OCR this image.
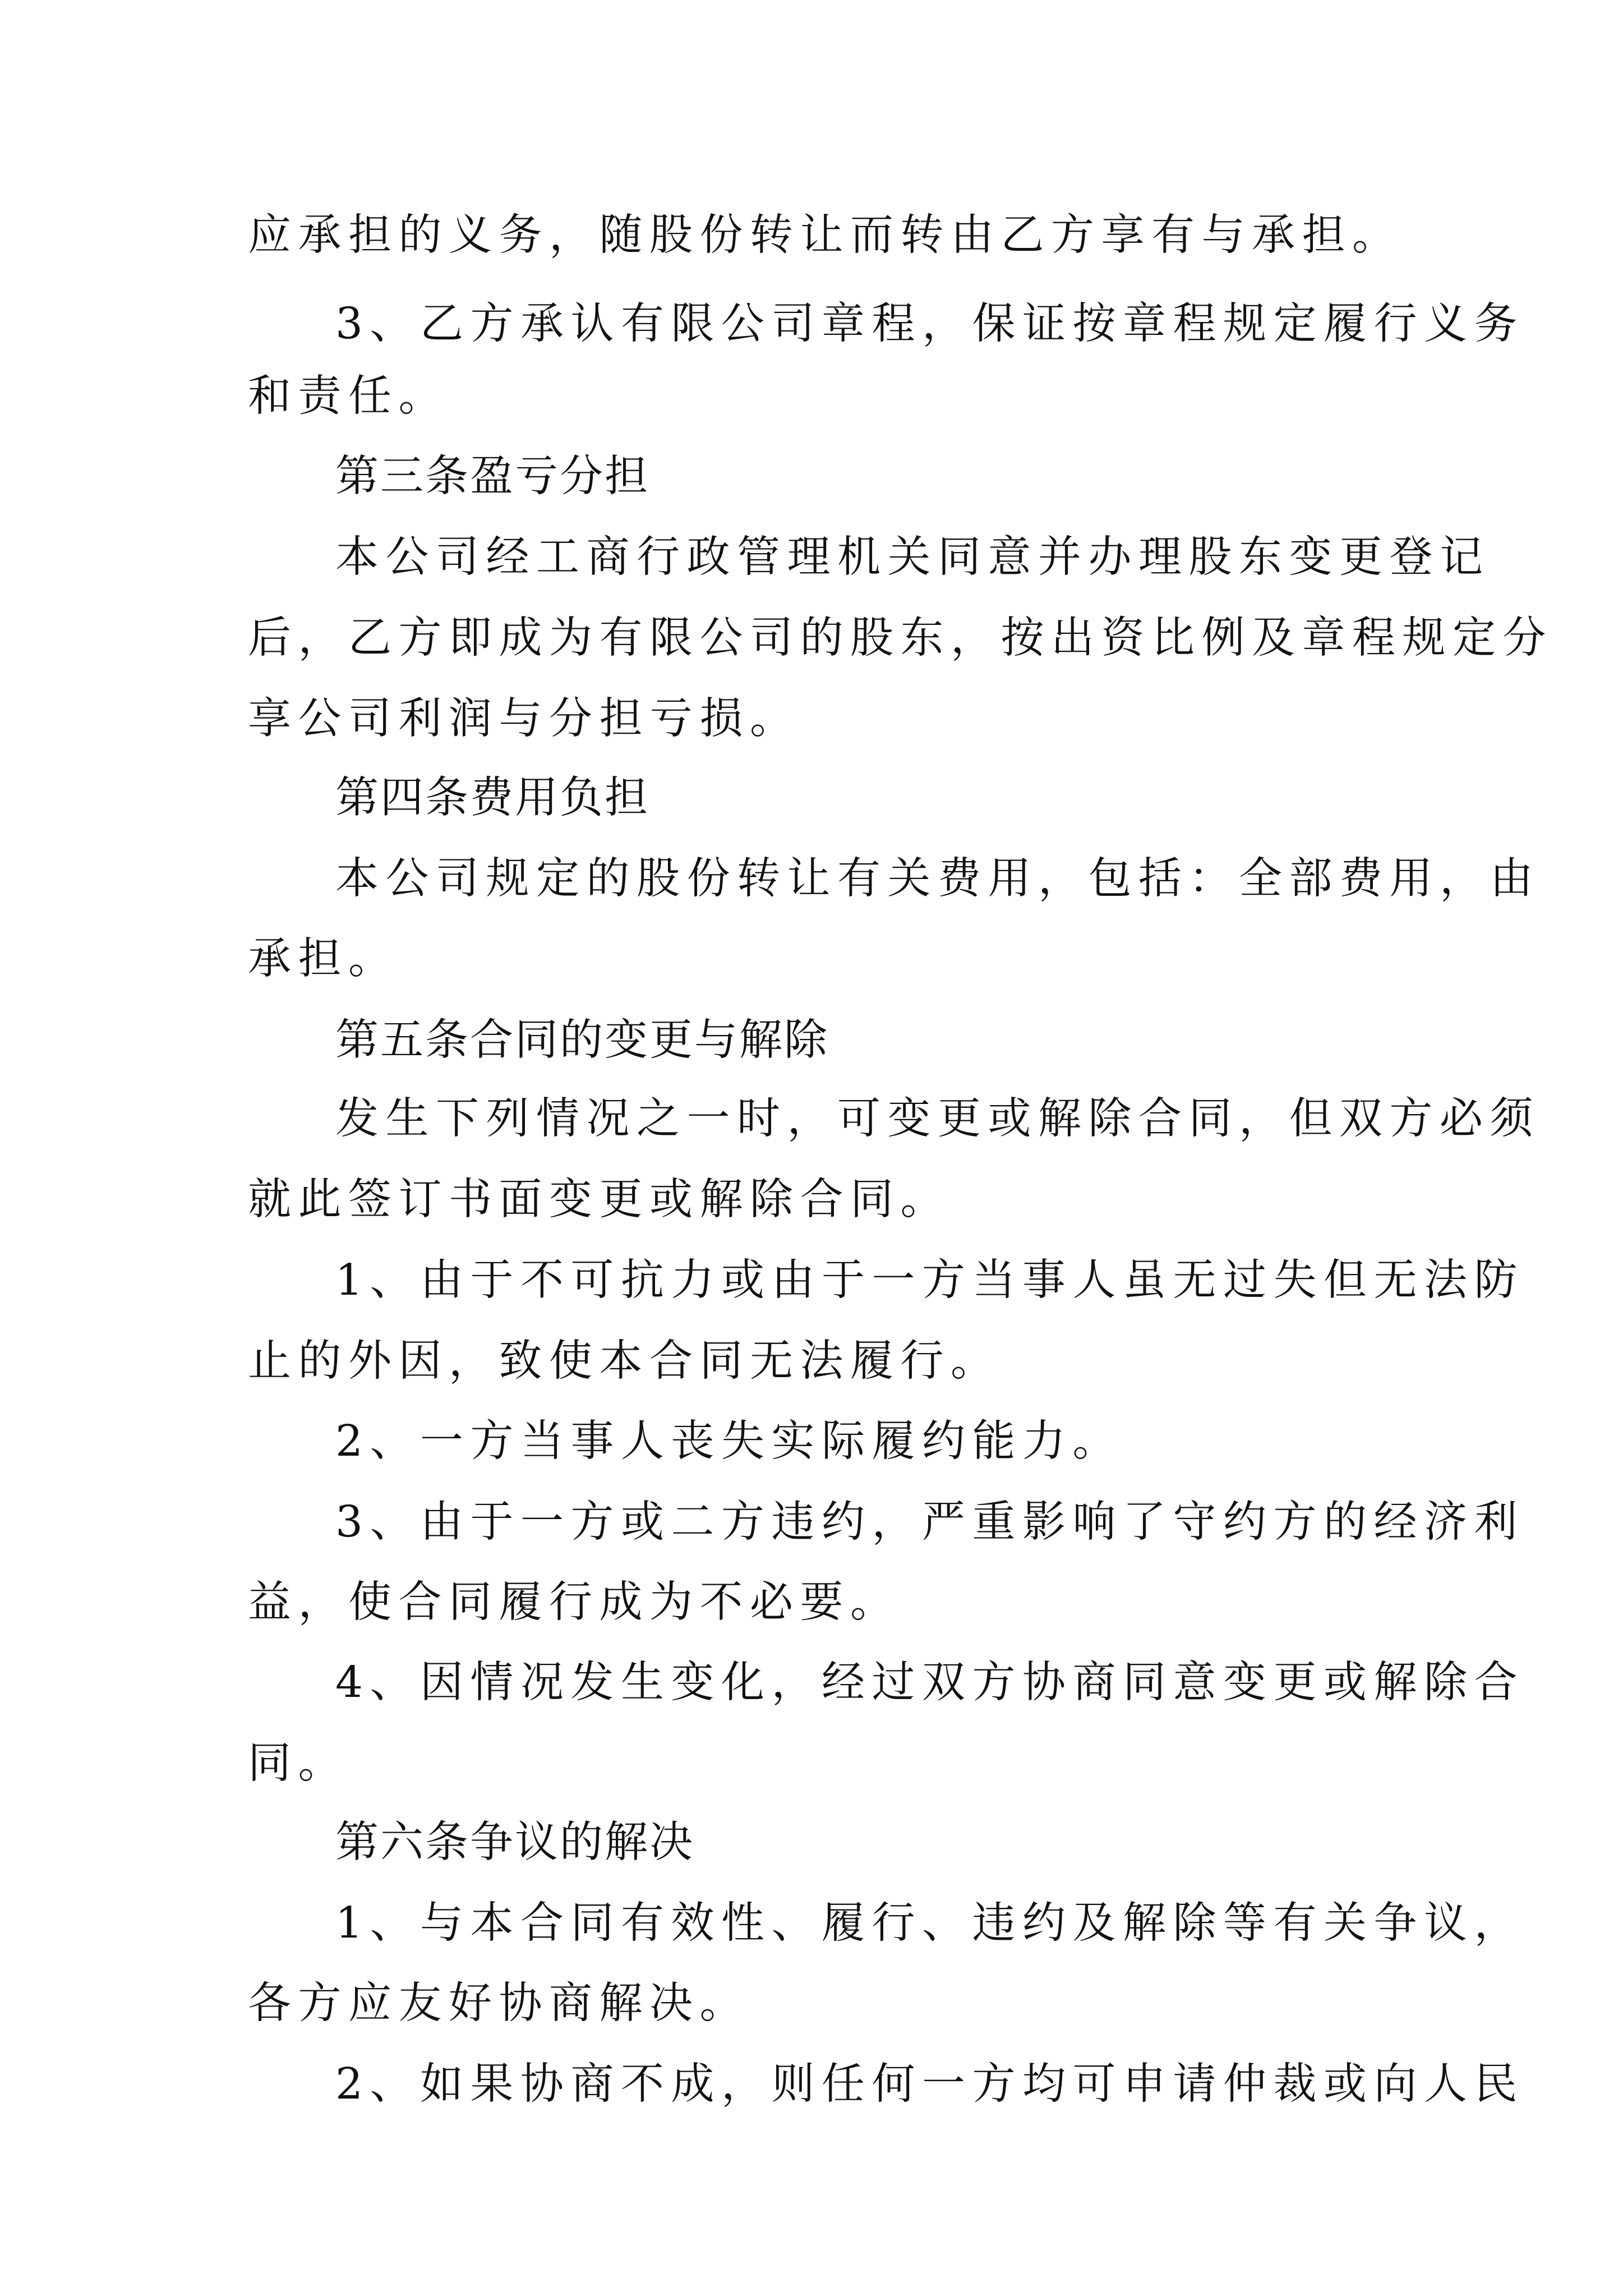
应承担的义务，随股份转让而转由乙方享有与承担。
3、乙方承认有限公司章程，保证按章程规定履行义务
和责任。
第三条盈亏分担
本公司经工商行政管理机关同意并办理股东变更登记
后，乙方即成为有限公司的股东，按出资比例及章程规定分
享公司利润与分担亏损。
第四条费用负担
本公司规定的股份转让有关费用，包括：全部费用，由
承担。
第五条合同的变更与解除
发生下列情况之一时，可变更或解除合同，但双方必须
就此签订书面变更或解除合同。
1、由于不可抗力或由于一方当事人虽无过失但无法防
止的外因，致使本合同无法履行。
2、一方当事人丧失实际履约能力。
3、由于一方或二方违约，严重影响了守约方的经济利
益，使合同履行成为不必要。
4、因情况发生变化，经过双方协商同意变更或解除合
同。
第六条争议的解决
1、与本合同有效性、履行、违约及解除等有关争议，
各方应友好协商解决。
2、如果协商不成，则任何一方均可申请仲裁或向人民
